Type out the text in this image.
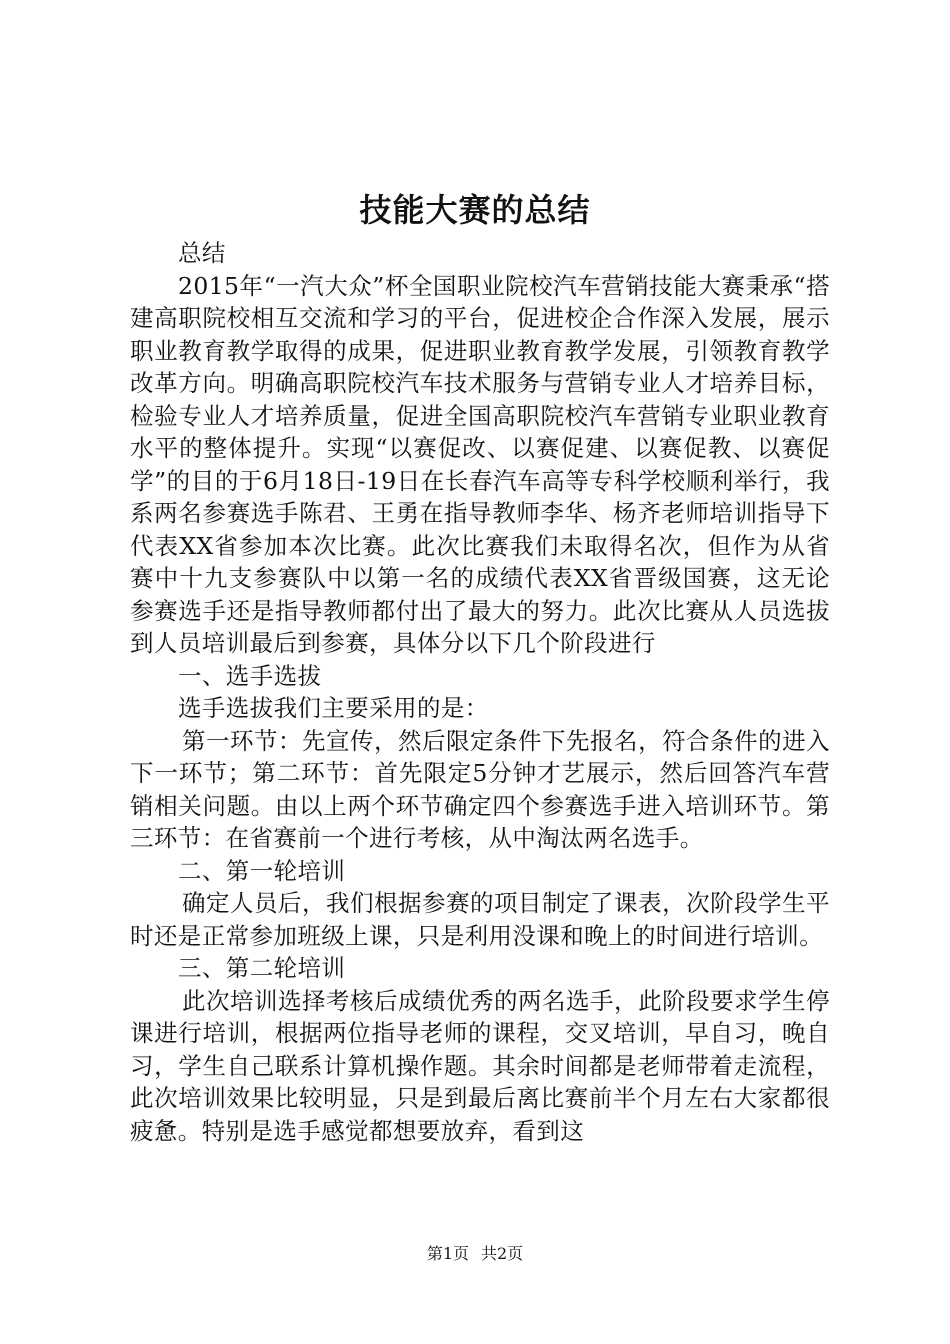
技能大赛的总结

总结

2015年“一汽大众”杯全国职业院校汽车营销技能大赛秉承“搭建高职院校相互交流和学习的平台，促进校企合作深入发展，展示职业教育教学取得的成果，促进职业教育教学发展，引领教育教学改革方向。明确高职院校汽车技术服务与营销专业人才培养目标，检验专业人才培养质量，促进全国高职院校汽车营销专业职业教育水平的整体提升。实现“以赛促改、以赛促建、以赛促教、以赛促学”的目的于6月18日-19日在长春汽车高等专科学校顺利举行，我系两名参赛选手陈君、王勇在指导教师李华、杨齐老师培训指导下代表XX省参加本次比赛。此次比赛我们未取得名次，但作为从省赛中十九支参赛队中以第一名的成绩代表XX省晋级国赛，这无论参赛选手还是指导教师都付出了最大的努力。此次比赛从人员选拔到人员培训最后到参赛，具体分以下几个阶段进行

一、选手选拔

选手选拔我们主要采用的是：

第一环节：先宣传，然后限定条件下先报名，符合条件的进入下一环节；第二环节：首先限定5分钟才艺展示，然后回答汽车营销相关问题。由以上两个环节确定四个参赛选手进入培训环节。第三环节：在省赛前一个进行考核，从中淘汰两名选手。

二、第一轮培训

确定人员后，我们根据参赛的项目制定了课表，次阶段学生平时还是正常参加班级上课，只是利用没课和晚上的时间进行培训。

三、第二轮培训

此次培训选择考核后成绩优秀的两名选手，此阶段要求学生停课进行培训，根据两位指导老师的课程，交叉培训，早自习，晚自习，学生自己联系计算机操作题。其余时间都是老师带着走流程，此次培训效果比较明显，只是到最后离比赛前半个月左右大家都很疲惫。特别是选手感觉都想要放弃，看到这

第1页 共2页
